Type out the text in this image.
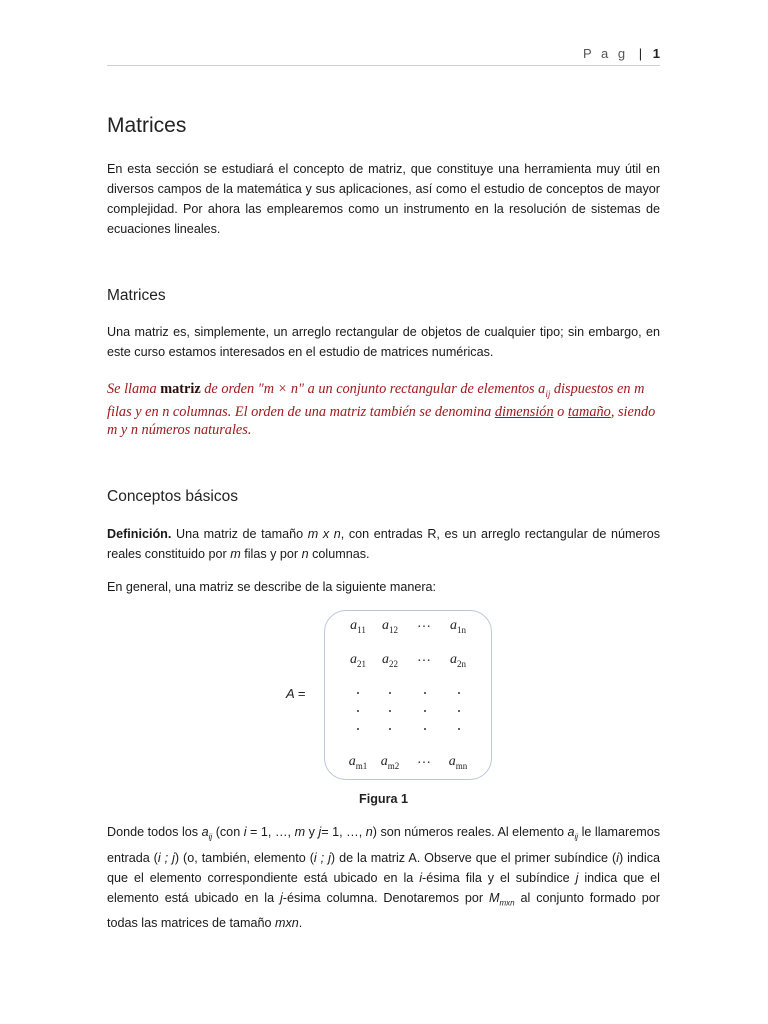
P a g | 1
Matrices

En esta sección se estudiará el concepto de matriz, que constituye una herramienta muy útil en diversos campos de la matemática y sus aplicaciones, así como el estudio de conceptos de mayor complejidad. Por ahora las emplearemos como un instrumento en la resolución de sistemas de ecuaciones lineales.

Matrices

Una matriz es, simplemente, un arreglo rectangular de objetos de cualquier tipo; sin embargo, en este curso estamos interesados en el estudio de matrices numéricas.

Se llama matriz de orden "m × n" a un conjunto rectangular de elementos $a_{ij}$ dispuestos en m filas y en n columnas. El orden de una matriz también se denomina dimensión o tamaño, siendo m y n números naturales.

Conceptos básicos

Definición. Una matriz de tamaño m x n, con entradas R, es un arreglo rectangular de números reales constituido por m filas y por n columnas.

En general, una matriz se describe de la siguiente manera:

A =
$a_{11}$	$a_{12}$	…	$a_{1n}$
$a_{21}$	$a_{22}$	…	$a_{2n}$
$a_{m1}$ $a_{m2}$	…	$a_{mn}$
Figura 1

Donde todos los $a_{ij}$ (con i = 1, …, m y j= 1, …, n) son números reales. Al elemento $a_{ij}$ le llamaremos entrada (i ; j) (o, también, elemento (i ; j) de la matriz A. Observe que el primer subíndice (i) indica que el elemento correspondiente está ubicado en la i-ésima fila y el subíndice j indica que el elemento está ubicado en la j-ésima columna. Denotaremos por $M_{mxn}$ al conjunto formado por todas las matrices de tamaño mxn.
